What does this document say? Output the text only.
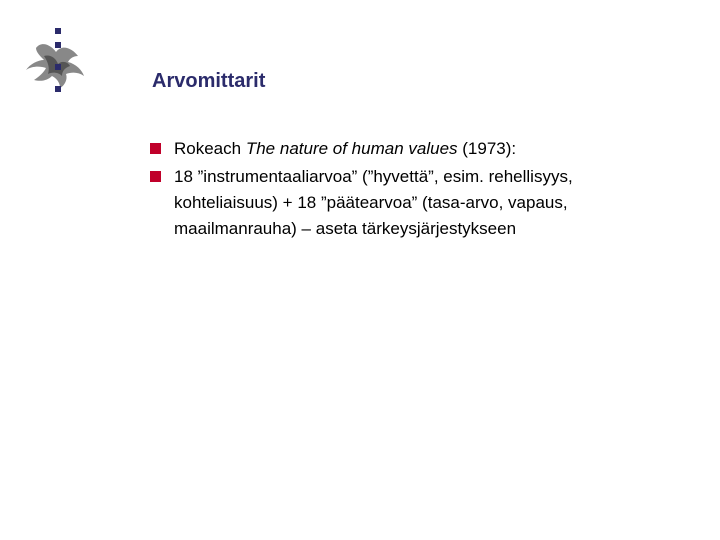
Arvomittarit
Rokeach The nature of human values (1973):
18 ”instrumentaaliarvoa” (”hyvettä”, esim. rehellisyys,
kohteliaisuus) + 18 ”päätearvoa” (tasa-arvo, vapaus,
maailmanrauha) – aseta tärkeysjärjestykseen
